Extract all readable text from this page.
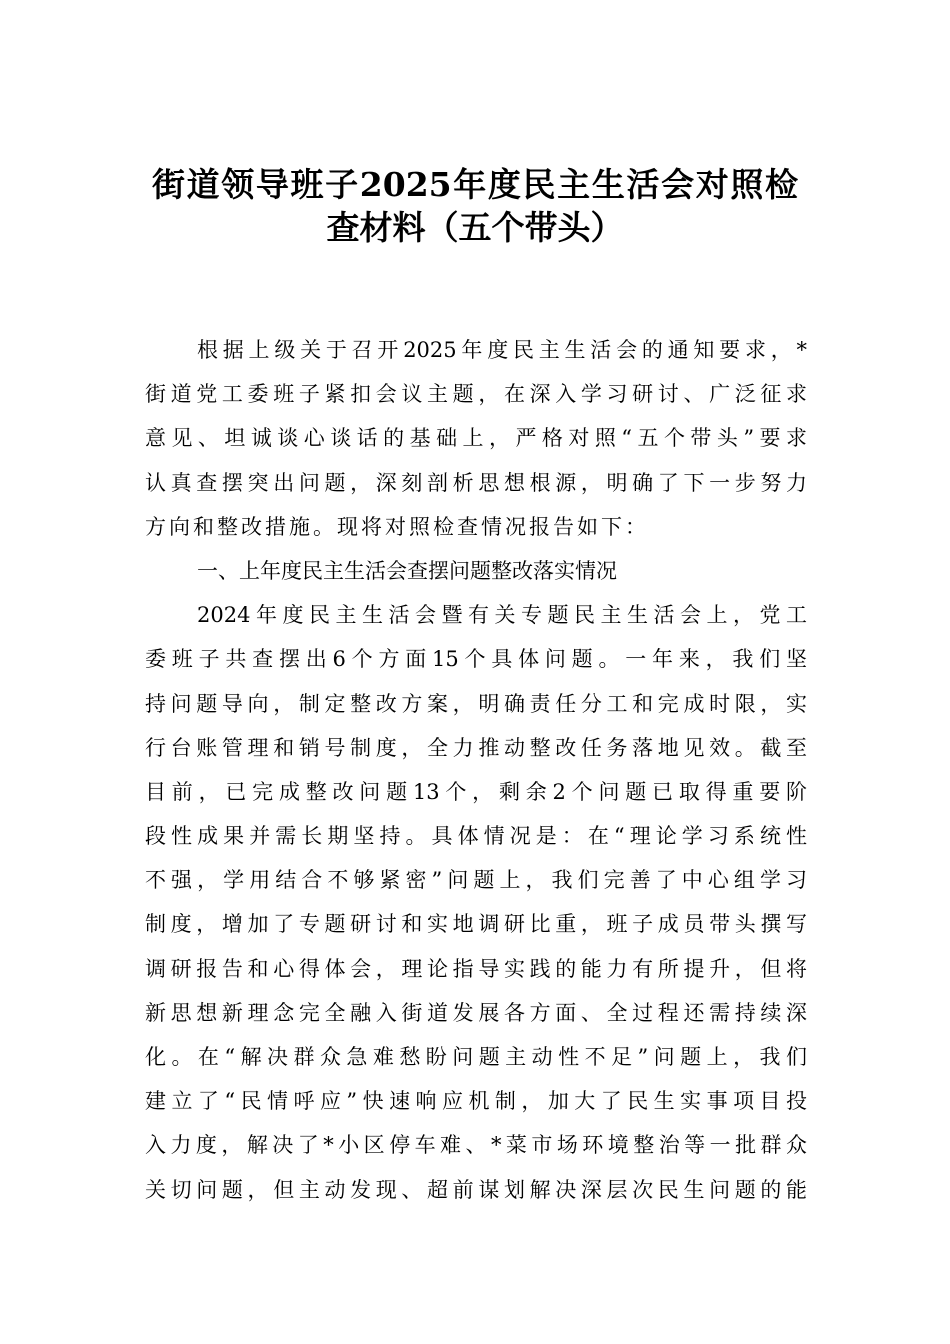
街道领导班子2025年度民主生活会对照检
查材料（五个带头）
根据上级关于召开2025年度民主生活会的通知要求，*
街道党工委班子紧扣会议主题，在深入学习研讨、广泛征求
意见、坦诚谈心谈话的基础上，严格对照“五个带头”要求
认真查摆突出问题，深刻剖析思想根源，明确了下一步努力
方向和整改措施。现将对照检查情况报告如下：
一、上年度民主生活会查摆问题整改落实情况
2024年度民主生活会暨有关专题民主生活会上，党工
委班子共查摆出6个方面15个具体问题。一年来，我们坚
持问题导向，制定整改方案，明确责任分工和完成时限，实
行台账管理和销号制度，全力推动整改任务落地见效。截至
目前，已完成整改问题13个，剩余2个问题已取得重要阶
段性成果并需长期坚持。具体情况是：在“理论学习系统性
不强，学用结合不够紧密”问题上，我们完善了中心组学习
制度，增加了专题研讨和实地调研比重，班子成员带头撰写
调研报告和心得体会，理论指导实践的能力有所提升，但将
新思想新理念完全融入街道发展各方面、全过程还需持续深
化。在“解决群众急难愁盼问题主动性不足”问题上，我们
建立了“民情呼应”快速响应机制，加大了民生实事项目投
入力度，解决了*小区停车难、*菜市场环境整治等一批群众
关切问题，但主动发现、超前谋划解决深层次民生问题的能
